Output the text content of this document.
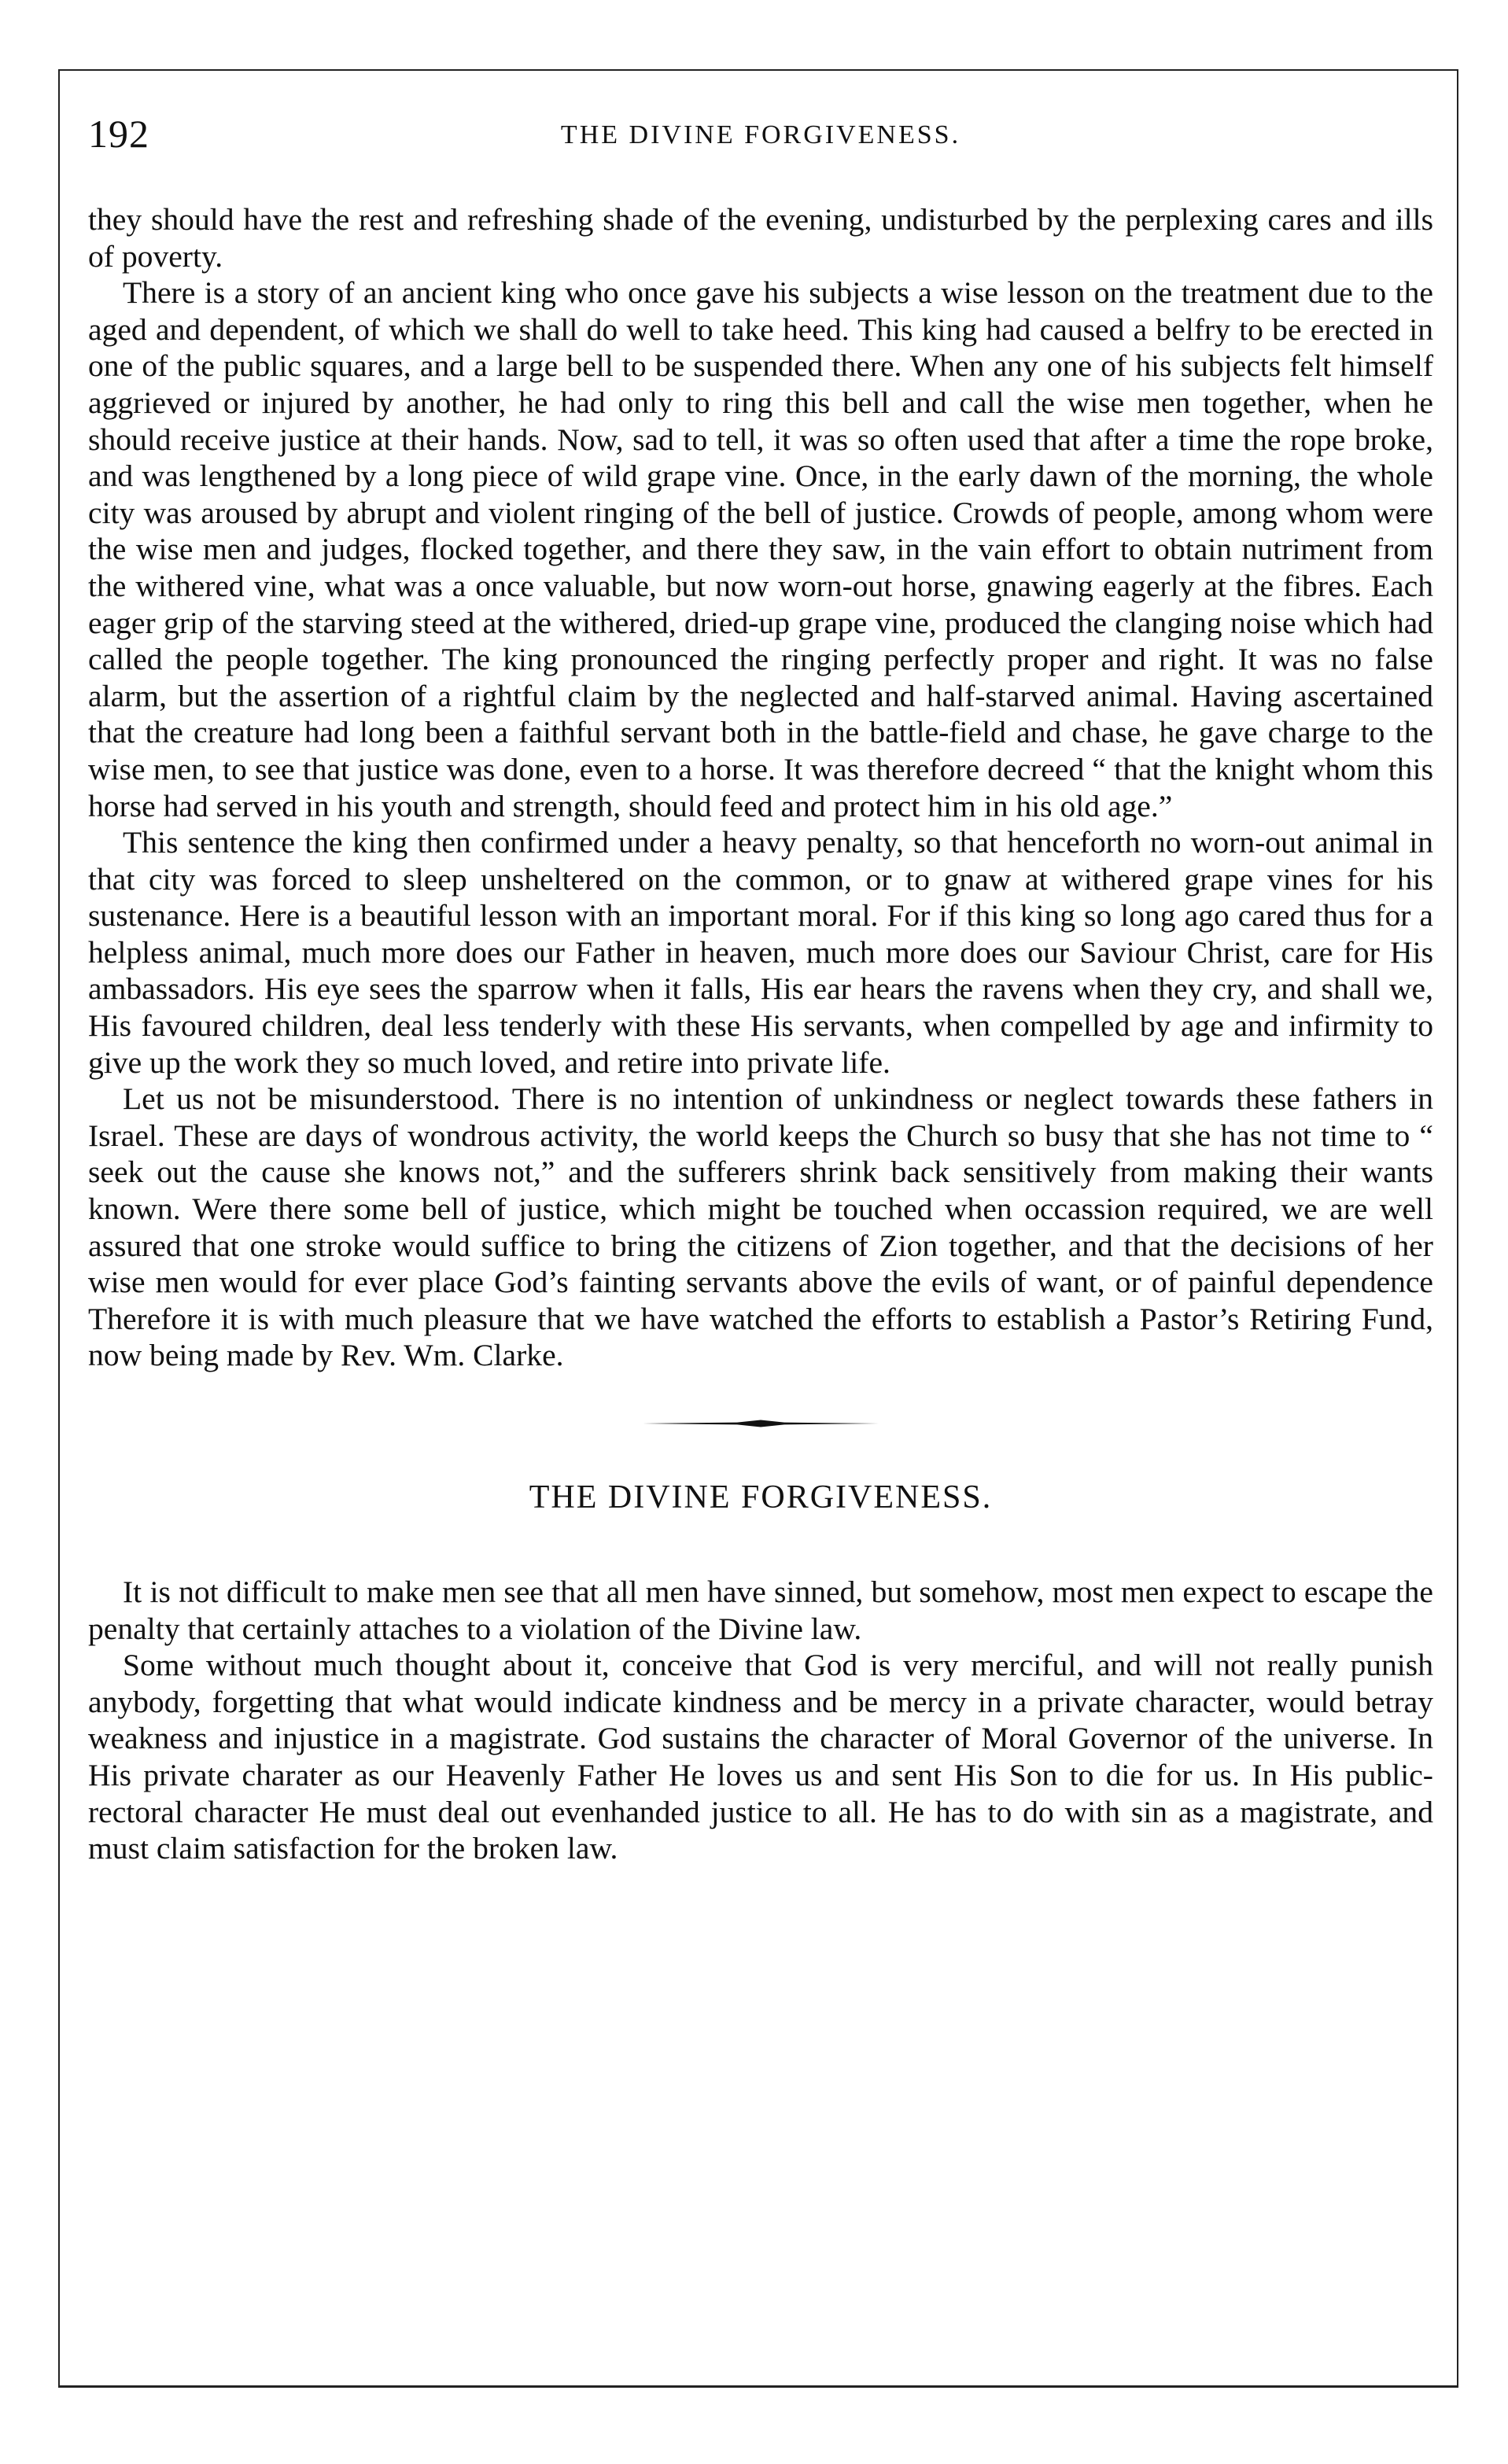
192	THE DIVINE FORGIVENESS.

they should have the rest and refreshing shade of the evening, undisturbed by the perplexing cares and ills of poverty.

There is a story of an ancient king who once gave his subjects a wise lesson on the treatment due to the aged and dependent, of which we shall do well to take heed. This king had caused a belfry to be erected in one of the public squares, and a large bell to be suspended there. When any one of his subjects felt himself aggrieved or injured by another, he had only to ring this bell and call the wise men together, when he should receive justice at their hands. Now, sad to tell, it was so often used that after a time the rope broke, and was lengthened by a long piece of wild grape vine. Once, in the early dawn of the morning, the whole city was aroused by abrupt and violent ringing of the bell of justice. Crowds of people, among whom were the wise men and judges, flocked together, and there they saw, in the vain effort to obtain nutriment from the withered vine, what was a once valuable, but now worn-out horse, gnawing eagerly at the fibres. Each eager grip of the starving steed at the withered, dried-up grape vine, produced the clanging noise which had called the people together. The king pronounced the ringing perfectly proper and right. It was no false alarm, but the assertion of a rightful claim by the neglected and half-starved animal. Having ascertained that the creature had long been a faithful servant both in the battle-field and chase, he gave charge to the wise men, to see that justice was done, even to a horse. It was therefore decreed “ that the knight whom this horse had served in his youth and strength, should feed and protect him in his old age.”

This sentence the king then confirmed under a heavy penalty, so that henceforth no worn-out animal in that city was forced to sleep unsheltered on the common, or to gnaw at withered grape vines for his sustenance. Here is a beautiful lesson with an important moral. For if this king so long ago cared thus for a helpless animal, much more does our Father in heaven, much more does our Saviour Christ, care for His ambassadors. His eye sees the sparrow when it falls, His ear hears the ravens when they cry, and shall we, His favoured children, deal less tenderly with these His servants, when compelled by age and infirmity to give up the work they so much loved, and retire into private life.

Let us not be misunderstood. There is no intention of unkindness or neglect towards these fathers in Israel. These are days of wondrous activity, the world keeps the Church so busy that she has not time to “ seek out the cause she knows not,” and the sufferers shrink back sensitively from making their wants known. Were there some bell of justice, which might be touched when occassion required, we are well assured that one stroke would suffice to bring the citizens of Zion together, and that the decisions of her wise men would for ever place God’s fainting servants above the evils of want, or of painful dependence Therefore it is with much pleasure that we have watched the efforts to establish a Pastor’s Retiring Fund, now being made by Rev. Wm. Clarke.

THE DIVINE FORGIVENESS.

It is not difficult to make men see that all men have sinned, but somehow, most men expect to escape the penalty that certainly attaches to a violation of the Divine law.

Some without much thought about it, conceive that God is very merciful, and will not really punish anybody, forgetting that what would indicate kindness and be mercy in a private character, would betray weakness and injustice in a magistrate. God sustains the character of Moral Governor of the universe. In His private charater as our Heavenly Father He loves us and sent His Son to die for us. In His public-rectoral character He must deal out evenhanded justice to all. He has to do with sin as a magistrate, and must claim satisfaction for the broken law.
